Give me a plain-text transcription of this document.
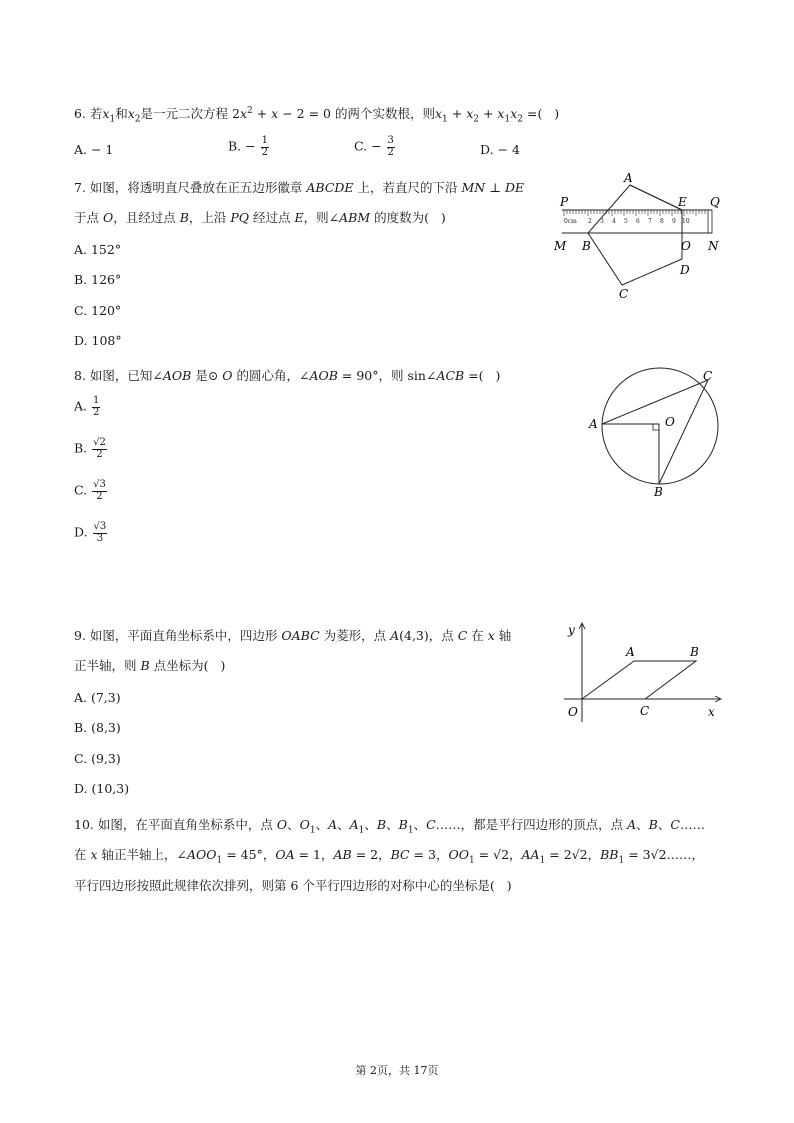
6. 若$x_1$和$x_2$是一元二次方程 $2x^2 + x - 2 = 0$ 的两个实数根，则$x_1 + x_2 + x_1x_2$ =(   )
A. − 1	B. − $\frac{1}{2}$	C. − $\frac{3}{2}$	D. − 4
7. 如图，将透明直尺叠放在正五边形徽章 ABCDE 上，若直尺的下沿 MN ⊥ DE
于点 O，且经过点 B，上沿 PQ 经过点 E，则∠ABM 的度数为(   )
A. 152°
B. 126°
C. 120°
D. 108°
0cm 2 3 4 5 6 7 8 9 10
A
P	E Q
M B	O N
D
C
8. 如图，已知∠AOB 是⊙ O 的圆心角，∠AOB = 90°，则 sin∠ACB =(   )
A. $\frac{1}{2}$
B. $\frac{√2}{2}$
C. $\frac{√3}{2}$
D. $\frac{√3}{3}$
A	O
B
C
9. 如图，平面直角坐标系中，四边形 OABC 为菱形，点 A(4,3)，点 C 在 x 轴
正半轴，则 B 点坐标为(   )
A. (7,3)
B. (8,3)
C. (9,3)
D. (10,3)
y
A	B
O	C	x
10. 如图，在平面直角坐标系中，点 O、$O_1$、A、$A_1$、B、$B_1$、C……，都是平行四边形的顶点，点 A、B、C……
在 x 轴正半轴上，$\angle AOO_1 = 45^\circ$，OA = 1，AB = 2，BC = 3，$OO_1 = √2$，$AA_1 = 2√2$，$BB_1$ = 3√2……，
平行四边形按照此规律依次排列，则第 6 个平行四边形的对称中心的坐标是(   )
第 2页，共 17页
